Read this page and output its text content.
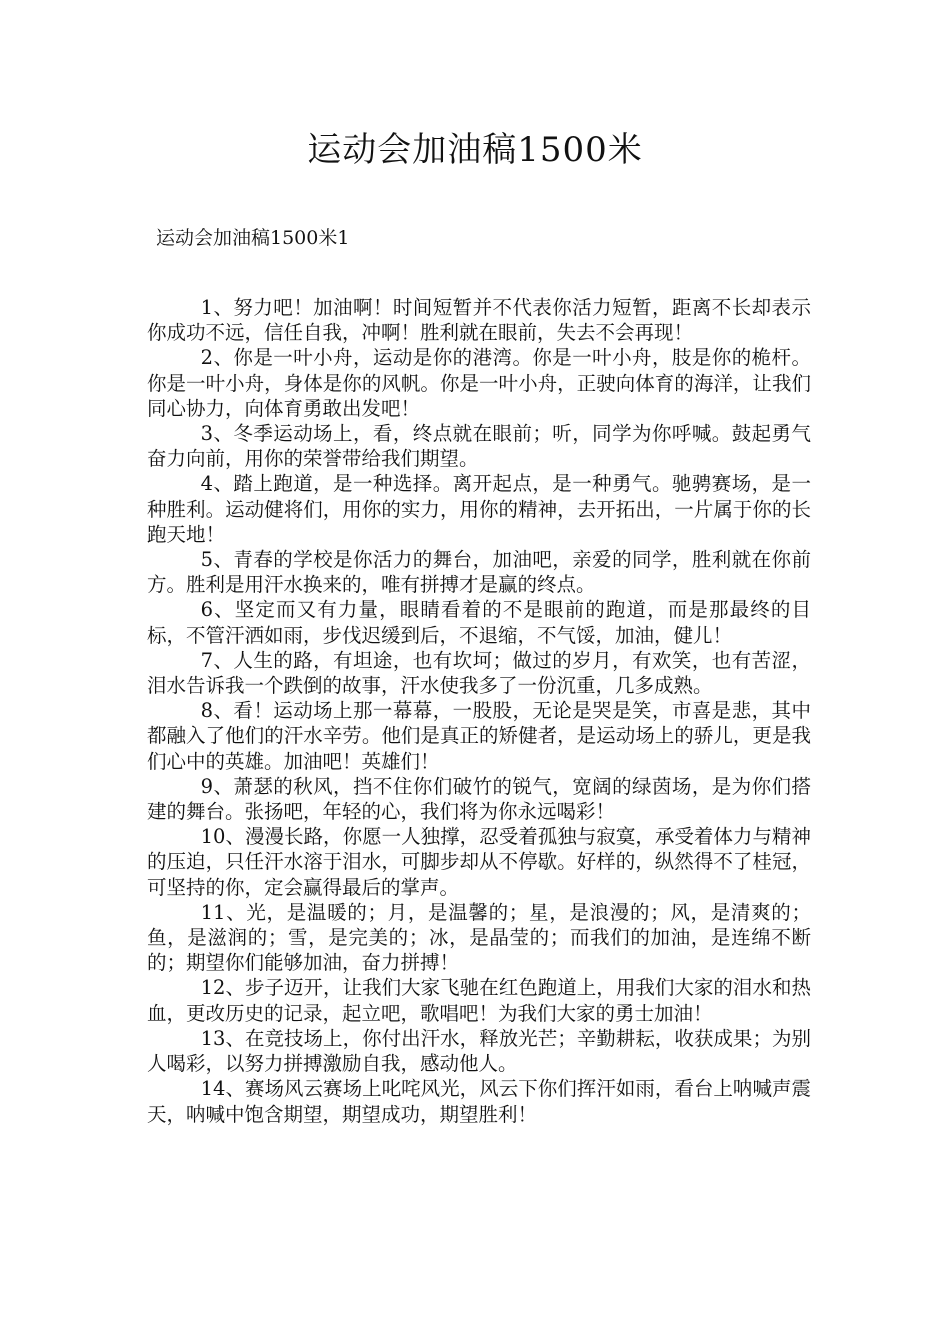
运动会加油稿1500米

运动会加油稿1500米1

1、努力吧！加油啊！时间短暂并不代表你活力短暂，距离不长却表示你成功不远，信任自我，冲啊！胜利就在眼前，失去不会再现！

2、你是一叶小舟，运动是你的港湾。你是一叶小舟，肢是你的桅杆。你是一叶小舟，身体是你的风帆。你是一叶小舟，正驶向体育的海洋，让我们同心协力，向体育勇敢出发吧！

3、冬季运动场上，看，终点就在眼前；听，同学为你呼喊。鼓起勇气奋力向前，用你的荣誉带给我们期望。

4、踏上跑道，是一种选择。离开起点，是一种勇气。驰骋赛场，是一种胜利。运动健将们，用你的实力，用你的精神，去开拓出，一片属于你的长跑天地！

5、青春的学校是你活力的舞台，加油吧，亲爱的同学，胜利就在你前方。胜利是用汗水换来的，唯有拼搏才是赢的终点。

6、坚定而又有力量，眼睛看着的不是眼前的跑道，而是那最终的目标，不管汗洒如雨，步伐迟缓到后，不退缩，不气馁，加油，健儿！

7、人生的路，有坦途，也有坎坷；做过的岁月，有欢笑，也有苦涩，泪水告诉我一个跌倒的故事，汗水使我多了一份沉重，几多成熟。

8、看！运动场上那一幕幕，一股股，无论是哭是笑，市喜是悲，其中都融入了他们的汗水辛劳。他们是真正的矫健者，是运动场上的骄儿，更是我们心中的英雄。加油吧！英雄们！

9、萧瑟的秋风，挡不住你们破竹的锐气，宽阔的绿茵场，是为你们搭建的舞台。张扬吧，年轻的心，我们将为你永远喝彩！

10、漫漫长路，你愿一人独撑，忍受着孤独与寂寞，承受着体力与精神的压迫，只任汗水溶于泪水，可脚步却从不停歇。好样的，纵然得不了桂冠，可坚持的你，定会赢得最后的掌声。

11、光，是温暖的；月，是温馨的；星，是浪漫的；风，是清爽的；鱼，是滋润的；雪，是完美的；冰，是晶莹的；而我们的加油，是连绵不断的；期望你们能够加油，奋力拼搏！

12、步子迈开，让我们大家飞驰在红色跑道上，用我们大家的泪水和热血，更改历史的记录，起立吧，歌唱吧！为我们大家的勇士加油！

13、在竞技场上，你付出汗水，释放光芒；辛勤耕耘，收获成果；为别人喝彩，以努力拼搏激励自我，感动他人。

14、赛场风云赛场上叱咤风光，风云下你们挥汗如雨，看台上呐喊声震天，呐喊中饱含期望，期望成功，期望胜利！
